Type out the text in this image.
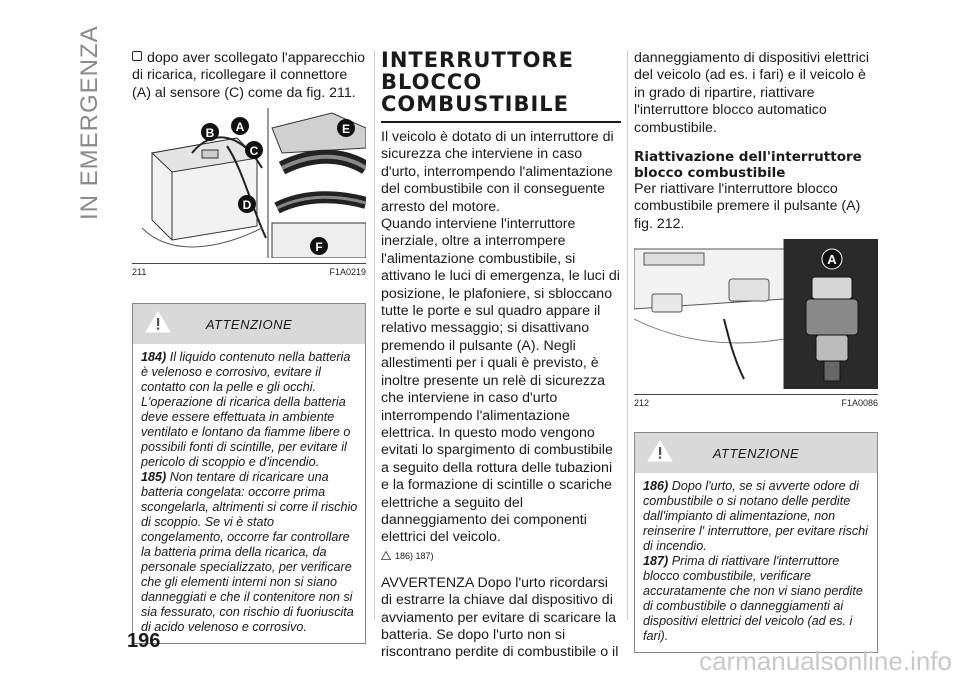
IN EMERGENZA	dopo aver scollegato l'apparecchio di ricarica, ricollegare il connettore (A) al sensore (C) come da fig. 211.

B A
C
D
E
F
211	F1A0219
ATTENZIONE
184) Il liquido contenuto nella batteria è velenoso e corrosivo, evitare il contatto con la pelle e gli occhi. L'operazione di ricarica della batteria deve essere effettuata in ambiente ventilato e lontano da fiamme libere o possibili fonti di scintille, per evitare il pericolo di scoppio e d'incendio.
185) Non tentare di ricaricare una batteria congelata: occorre prima scongelarla, altrimenti si corre il rischio di scoppio. Se vi è stato congelamento, occorre far controllare la batteria prima della ricarica, da personale specializzato, per verificare che gli elementi interni non si siano danneggiati e che il contenitore non si sia fessurato, con rischio di fuoriuscita di acido velenoso e corrosivo.
INTERRUTTORE BLOCCO COMBUSTIBILE

Il veicolo è dotato di un interruttore di sicurezza che interviene in caso d'urto, interrompendo l'alimentazione del combustibile con il conseguente arresto del motore.

Quando interviene l'interruttore inerziale, oltre a interrompere l'alimentazione combustibile, si attivano le luci di emergenza, le luci di posizione, le plafoniere, si sbloccano tutte le porte e sul quadro appare il relativo messaggio; si disattivano premendo il pulsante (A). Negli allestimenti per i quali è previsto, è inoltre presente un relè di sicurezza che interviene in caso d'urto interrompendo l'alimentazione elettrica. In questo modo vengono evitati lo spargimento di combustibile a seguito della rottura delle tubazioni e la formazione di scintille o scariche elettriche a seguito del danneggiamento dei componenti elettrici del veicolo.

186) 187)

AVVERTENZA Dopo l'urto ricordarsi di estrarre la chiave dal dispositivo di avviamento per evitare di scaricare la batteria. Se dopo l'urto non si riscontrano perdite di combustibile o il

danneggiamento di dispositivi elettrici del veicolo (ad es. i fari) e il veicolo è in grado di ripartire, riattivare l'interruttore blocco automatico combustibile.

Riattivazione dell'interruttore blocco combustibile

Per riattivare l'interruttore blocco combustibile premere il pulsante (A) fig. 212.

A
212	F1A0086
ATTENZIONE
186) Dopo l'urto, se si avverte odore di combustibile o si notano delle perdite dall'impianto di alimentazione, non reinserire l' interruttore, per evitare rischi di incendio.
187) Prima di riattivare l'interruttore blocco combustibile, verificare accuratamente che non vi siano perdite di combustibile o danneggiamenti ai dispositivi elettrici del veicolo (ad es. i fari).
196
carmanualsonline.info
